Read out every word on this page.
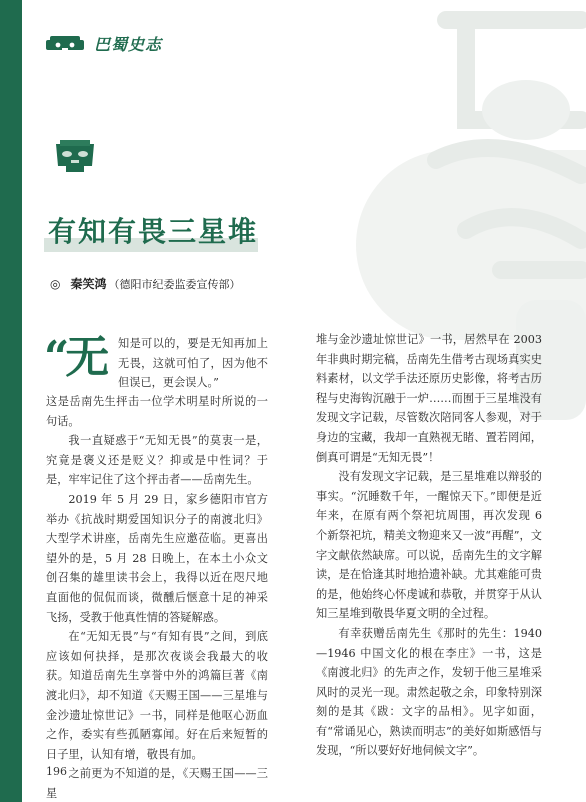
巴蜀史志
有知有畏三星堆
◎ 秦笑鸿 （德阳市纪委监委宣传部）
“无 知是可以的，要是无知再加上无畏，这就可怕了，因为他不但误已，更会误人。”

这是岳南先生抨击一位学术明星时所说的一句话。

我一直疑惑于“无知无畏”的莫衷一是，究竟是褒义还是贬义？抑或是中性词？于是，牢牢记住了这个抨击者——岳南先生。

2019 年 5 月 29 日，家乡德阳市官方举办《抗战时期爱国知识分子的南渡北归》大型学术讲座，岳南先生应邀莅临。更喜出望外的是，5 月 28 日晚上，在本土小众文创召集的雄里读书会上，我得以近在咫尺地直面他的侃侃而谈，微醺后惬意十足的神采飞扬，受教于他真性情的答疑解惑。

在“无知无畏”与“有知有畏”之间，到底应该如何抉择，是那次夜谈会我最大的收获。知道岳南先生享誉中外的鸿篇巨著《南渡北归》，却不知道《天赐王国——三星堆与金沙遗址惊世记》一书，同样是他呕心沥血之作，委实有些孤陋寡闻。好在后来短暂的日子里，认知有增，敬畏有加。

之前更为不知道的是，《天赐王国——三星

堆与金沙遗址惊世记》一书，居然早在 2003 年非典时期完稿，岳南先生借考古现场真实史料素材，以文学手法还原历史影像，将考古历程与史海钩沉融于一炉……而囿于三星堆没有发现文字记载，尽管数次陪同客人参观，对于身边的宝藏，我却一直熟视无睹、置若罔闻，倒真可谓是“无知无畏”！

没有发现文字记载，是三星堆难以辩驳的事实。“沉睡数千年，一醒惊天下。”即便是近年来，在原有两个祭祀坑周围，再次发现 6 个新祭祀坑，精美文物迎来又一波“再醒”，文字文献依然缺席。可以说，岳南先生的文字解读，是在恰逢其时地拾遗补缺。尤其难能可贵的是，他始终心怀虔诚和恭敬，并贯穿于从认知三星堆到敬畏华夏文明的全过程。

有幸获赠岳南先生《那时的先生：1940—1946 中国文化的根在李庄》一书，这是《南渡北归》的先声之作，发轫于他三星堆采风时的灵光一现。肃然起敬之余，印象特别深刻的是其《跋：文字的品相》。见字如面，有“常诵见心，熟读而明志”的美好如斯感悟与发现，“所以要好好地伺候文字”。

196
